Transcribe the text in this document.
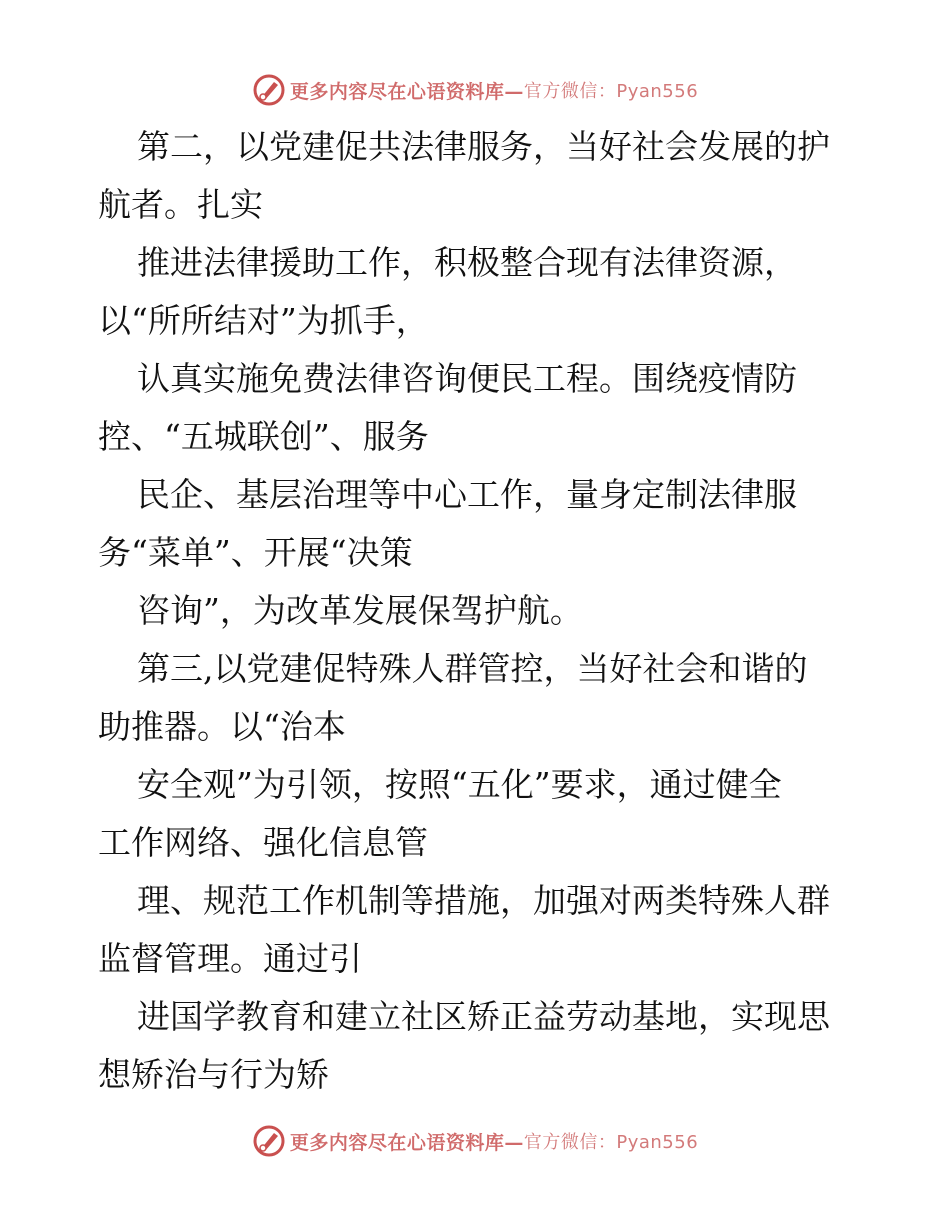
更多内容尽在心语资料库— 官方微信：Pyan556
第二，以党建促共法律服务，当好社会发展的护
航者。扎实
推进法律援助工作，积极整合现有法律资源，
以“所所结对”为抓手，
认真实施免费法律咨询便民工程。围绕疫情防
控、“五城联创”、服务
民企、基层治理等中心工作，量身定制法律服
务“菜单”、开展“决策
咨询”，为改革发展保驾护航。
第三,以党建促特殊人群管控，当好社会和谐的
助推器。以“治本
安全观”为引领，按照“五化”要求，通过健全
工作网络、强化信息管
理、规范工作机制等措施，加强对两类特殊人群
监督管理。通过引
进国学教育和建立社区矫正益劳动基地，实现思
想矫治与行为矫
更多内容尽在心语资料库— 官方微信：Pyan556
